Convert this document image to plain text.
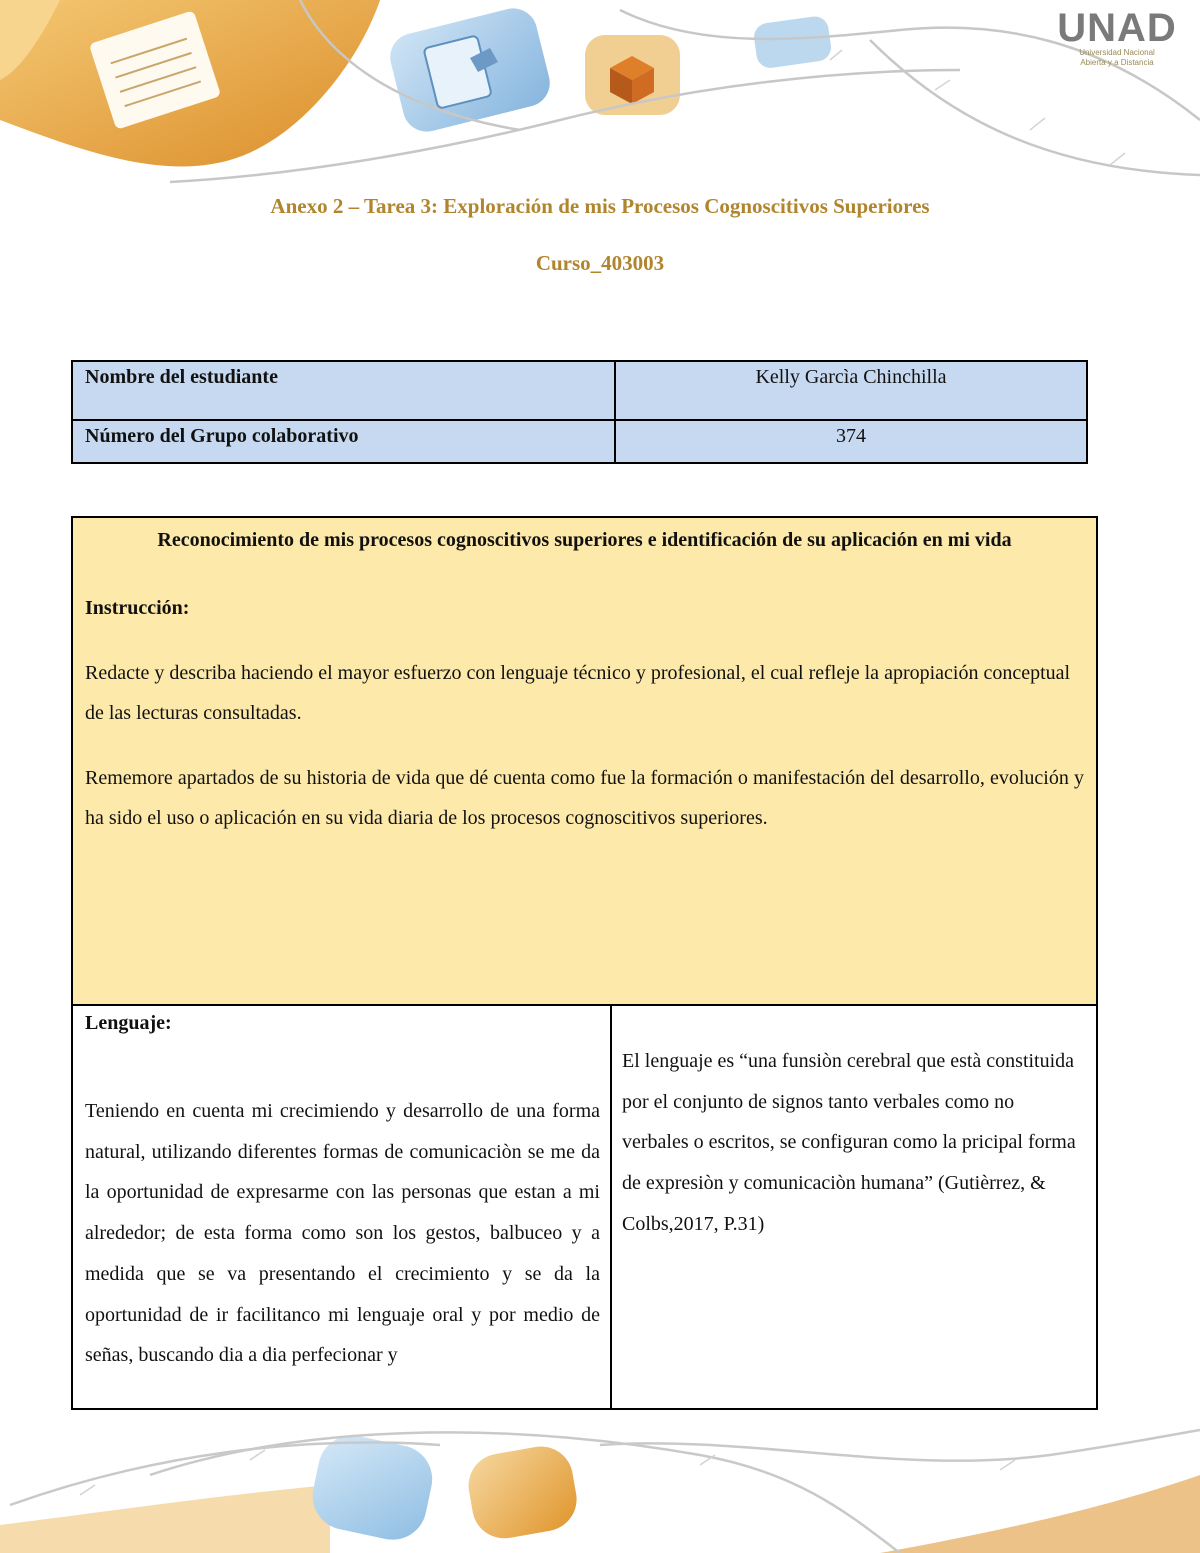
UNAD
Universidad Nacional
Abierta y a Distancia
Anexo 2 – Tarea 3: Exploración de mis Procesos Cognoscitivos Superiores
Curso_403003
Nombre del estudiante	Kelly Garcìa Chinchilla
Número del Grupo colaborativo	374

Reconocimiento de mis procesos cognoscitivos superiores e identificación de su aplicación en mi vida

Instrucción:

Redacte y describa haciendo el mayor esfuerzo con lenguaje técnico y profesional, el cual refleje la apropiación conceptual de las lecturas consultadas.

Rememore apartados de su historia de vida que dé cuenta como fue la formación o manifestación del desarrollo, evolución y ha sido el uso o aplicación en su vida diaria de los procesos cognoscitivos superiores.

Lenguaje:

Teniendo en cuenta mi crecimiendo y desarrollo de una forma natural, utilizando diferentes formas de comunicaciòn se me da la oportunidad de expresarme con las personas que estan a mi alrededor; de esta forma como son los gestos, balbuceo y a medida que se va presentando el crecimiento y se da la oportunidad de ir facilitanco mi lenguaje oral y por medio de señas, buscando dia a dia perfecionar y

El lenguaje es “una funsiòn cerebral que està constituida por el conjunto de signos tanto verbales como no verbales o escritos, se configuran como la pricipal forma de expresiòn y comunicaciòn humana” (Gutièrrez, & Colbs,2017, P.31)
